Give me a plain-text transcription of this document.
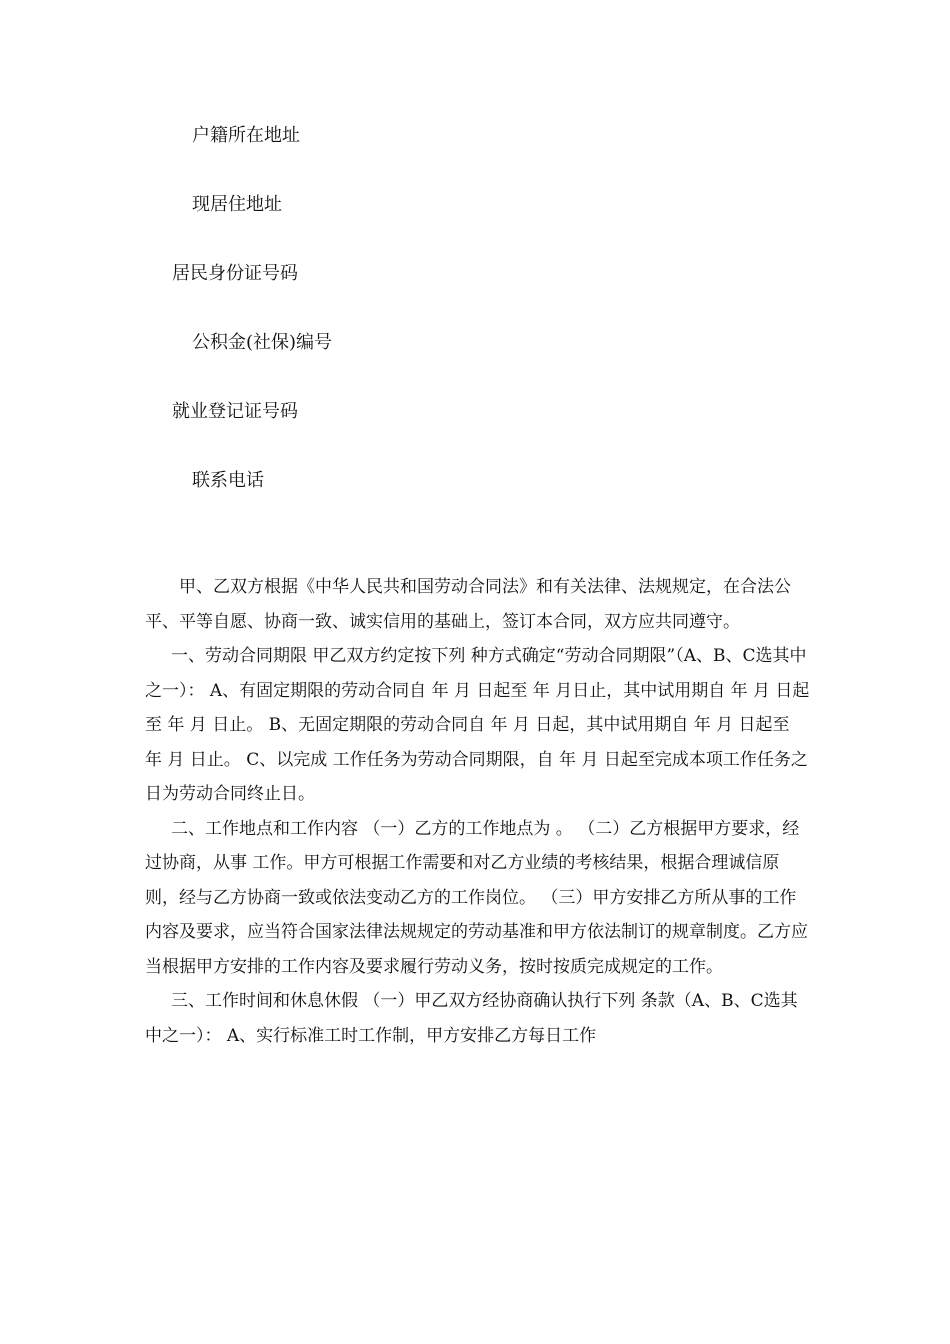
户籍所在地址
现居住地址
居民身份证号码
公积金(社保)编号
就业登记证号码
联系电话

甲、乙双方根据《中华人民共和国劳动合同法》和有关法律、法规规定，在合法公平、平等自愿、协商一致、诚实信用的基础上，签订本合同，双方应共同遵守。

一、劳动合同期限 甲乙双方约定按下列 种方式确定“劳动合同期限”（A、B、C选其中之一）： A、有固定期限的劳动合同自 年 月 日起至 年 月日止，其中试用期自 年 月 日起至 年 月 日止。 B、无固定期限的劳动合同自 年 月 日起，其中试用期自 年 月 日起至 年 月 日止。 C、以完成 工作任务为劳动合同期限，自 年 月 日起至完成本项工作任务之日为劳动合同终止日。

二、工作地点和工作内容 （一）乙方的工作地点为 。 （二）乙方根据甲方要求，经过协商，从事 工作。甲方可根据工作需要和对乙方业绩的考核结果，根据合理诚信原则，经与乙方协商一致或依法变动乙方的工作岗位。 （三）甲方安排乙方所从事的工作内容及要求，应当符合国家法律法规规定的劳动基准和甲方依法制订的规章制度。乙方应当根据甲方安排的工作内容及要求履行劳动义务，按时按质完成规定的工作。

三、工作时间和休息休假 （一）甲乙双方经协商确认执行下列 条款（A、B、C选其中之一）： A、实行标准工时工作制，甲方安排乙方每日工作
